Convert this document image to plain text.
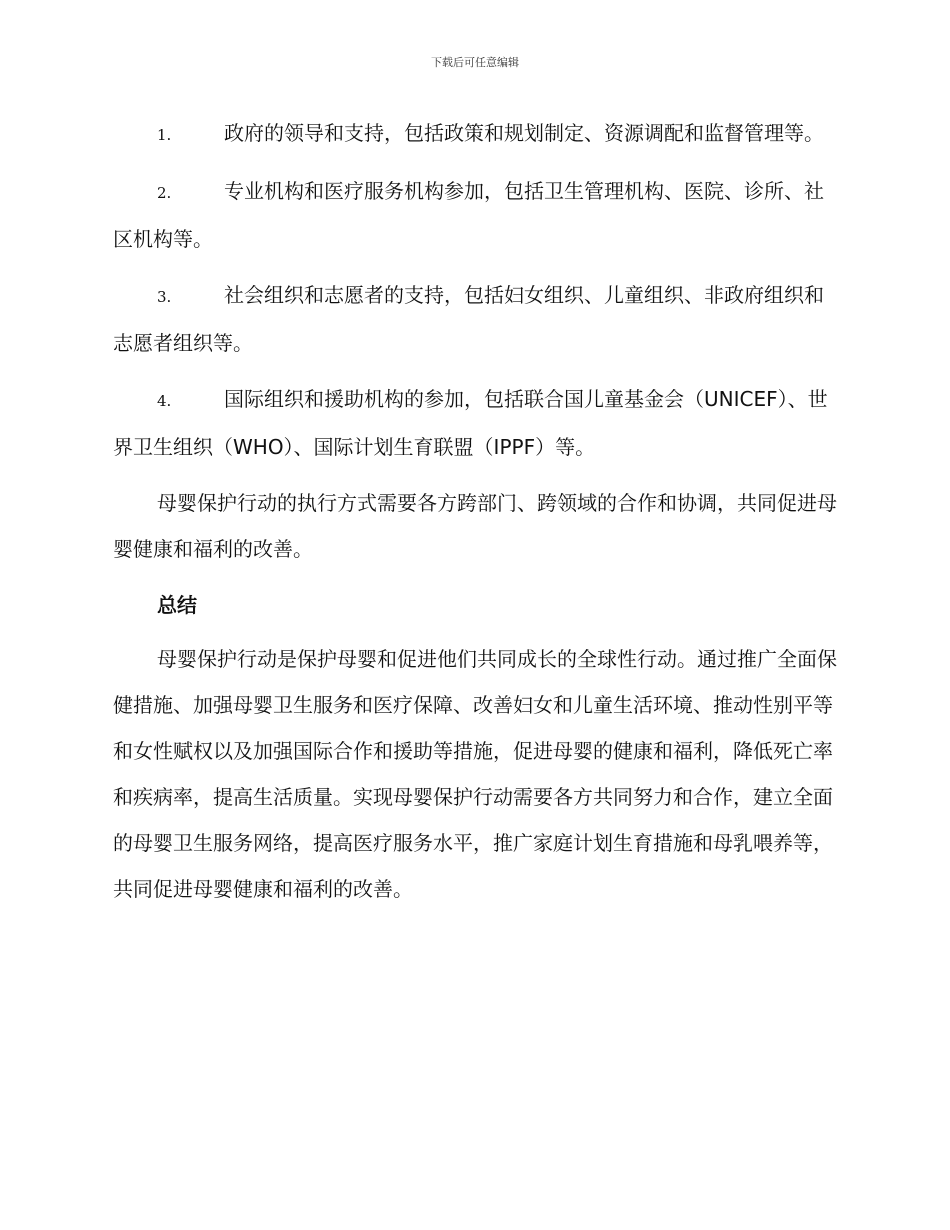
下载后可任意编辑
1.	政府的领导和支持，包括政策和规划制定、资源调配和监督管理等。
2.	专业机构和医疗服务机构参加，包括卫生管理机构、医院、诊所、社区机构等。
3.	社会组织和志愿者的支持，包括妇女组织、儿童组织、非政府组织和志愿者组织等。
4.	国际组织和援助机构的参加，包括联合国儿童基金会（UNICEF）、世界卫生组织（WHO）、国际计划生育联盟（IPPF）等。

母婴保护行动的执行方式需要各方跨部门、跨领域的合作和协调，共同促进母婴健康和福利的改善。

总结

母婴保护行动是保护母婴和促进他们共同成长的全球性行动。通过推广全面保健措施、加强母婴卫生服务和医疗保障、改善妇女和儿童生活环境、推动性别平等和女性赋权以及加强国际合作和援助等措施，促进母婴的健康和福利，降低死亡率和疾病率，提高生活质量。实现母婴保护行动需要各方共同努力和合作，建立全面的母婴卫生服务网络，提高医疗服务水平，推广家庭计划生育措施和母乳喂养等，共同促进母婴健康和福利的改善。
